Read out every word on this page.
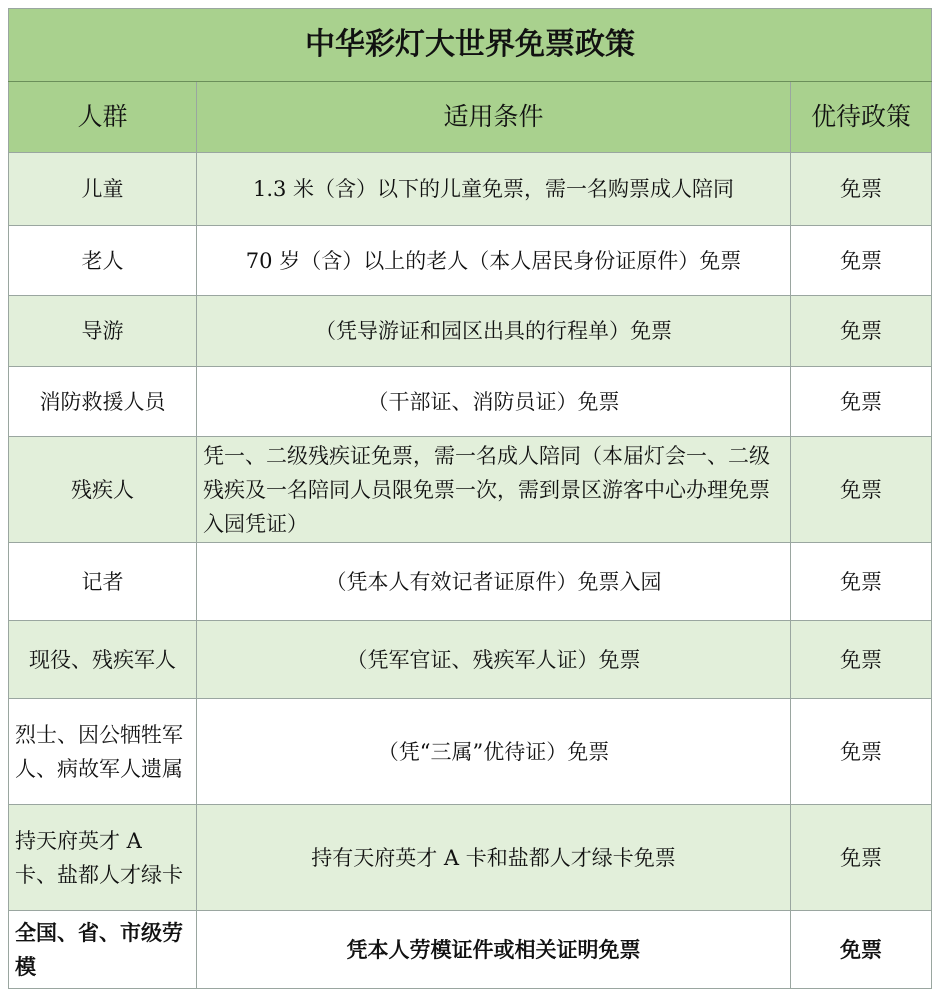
中华彩灯大世界免票政策		
人群	适用条件	优待政策
儿童	1.3 米（含）以下的儿童免票，需一名购票成人陪同	免票
老人	70 岁（含）以上的老人（本人居民身份证原件）免票	免票
导游	（凭导游证和园区出具的行程单）免票	免票
消防救援人员	（干部证、消防员证）免票	免票
残疾人	凭一、二级残疾证免票，需一名成人陪同（本届灯会一、二级残疾及一名陪同人员限免票一次，需到景区游客中心办理免票入园凭证）	免票
记者	（凭本人有效记者证原件）免票入园	免票
现役、残疾军人	（凭军官证、残疾军人证）免票	免票
烈士、因公牺牲军人、病故军人遗属	（凭“三属”优待证）免票	免票
持天府英才 A 卡、盐都人才绿卡	持有天府英才 A 卡和盐都人才绿卡免票	免票
全国、省、市级劳模	凭本人劳模证件或相关证明免票	免票
